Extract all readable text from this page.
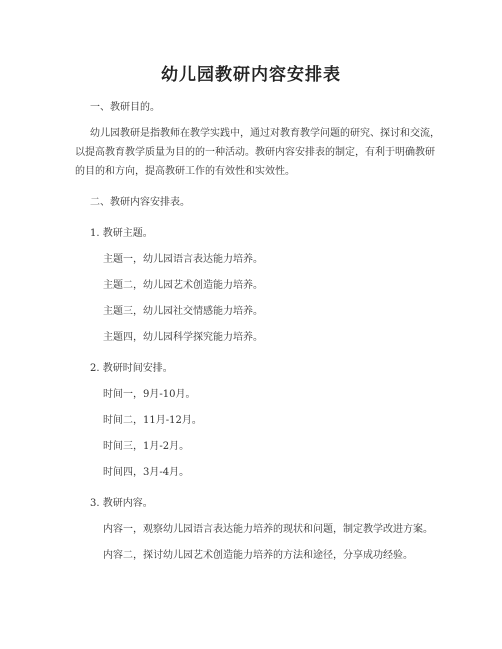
幼儿园教研内容安排表
一、教研目的。
幼儿园教研是指教师在教学实践中，通过对教育教学问题的研究、探讨和交流，
以提高教育教学质量为目的的一种活动。教研内容安排表的制定，有利于明确教研
的目的和方向，提高教研工作的有效性和实效性。
二、教研内容安排表。
1. 教研主题。
主题一，幼儿园语言表达能力培养。
主题二，幼儿园艺术创造能力培养。
主题三，幼儿园社交情感能力培养。
主题四，幼儿园科学探究能力培养。
2. 教研时间安排。
时间一，9月-10月。
时间二，11月-12月。
时间三，1月-2月。
时间四，3月-4月。
3. 教研内容。
内容一，观察幼儿园语言表达能力培养的现状和问题，制定教学改进方案。
内容二，探讨幼儿园艺术创造能力培养的方法和途径，分享成功经验。
